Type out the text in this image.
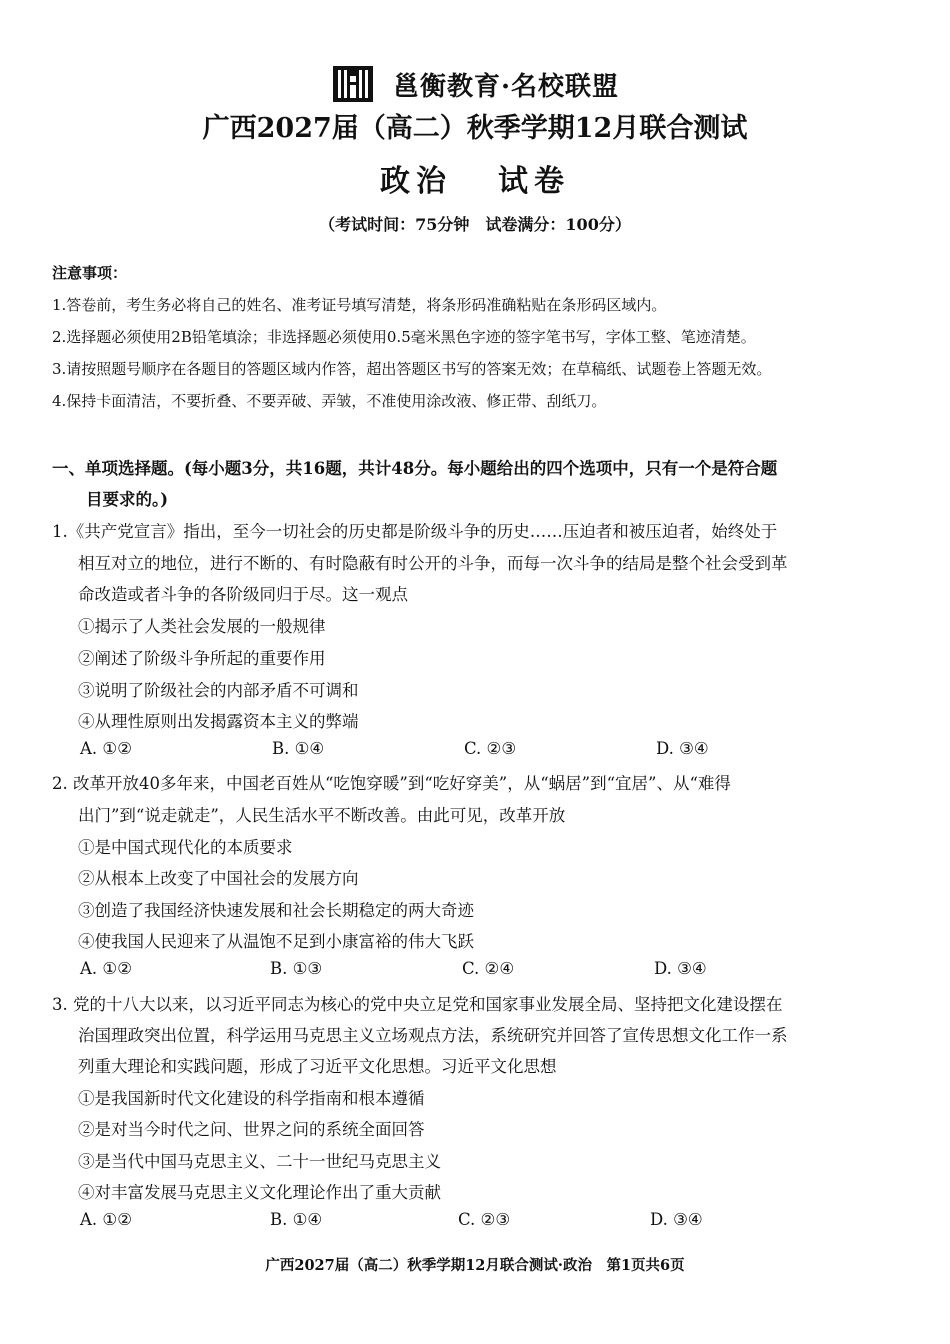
邕衡教育·名校联盟
广西2027届（高二）秋季学期12月联合测试
政治 试卷
（考试时间：75分钟　试卷满分：100分）
注意事项：
1.答卷前，考生务必将自己的姓名、准考证号填写清楚，将条形码准确粘贴在条形码区域内。
2.选择题必须使用2B铅笔填涂；非选择题必须使用0.5毫米黑色字迹的签字笔书写，字体工整、笔迹清楚。
3.请按照题号顺序在各题目的答题区域内作答，超出答题区书写的答案无效；在草稿纸、试题卷上答题无效。
4.保持卡面清洁，不要折叠、不要弄破、弄皱，不准使用涂改液、修正带、刮纸刀。
一、单项选择题。(每小题3分，共16题，共计48分。每小题给出的四个选项中，只有一个是符合题
目要求的。)
1.《共产党宣言》指出，至今一切社会的历史都是阶级斗争的历史……压迫者和被压迫者，始终处于
相互对立的地位，进行不断的、有时隐蔽有时公开的斗争，而每一次斗争的结局是整个社会受到革
命改造或者斗争的各阶级同归于尽。这一观点
①揭示了人类社会发展的一般规律
②阐述了阶级斗争所起的重要作用
③说明了阶级社会的内部矛盾不可调和
④从理性原则出发揭露资本主义的弊端
A. ①②	B. ①④	C. ②③	D. ③④
2. 改革开放40多年来，中国老百姓从“吃饱穿暖”到“吃好穿美”，从“蜗居”到“宜居”、从“难得
出门”到“说走就走”，人民生活水平不断改善。由此可见，改革开放
①是中国式现代化的本质要求
②从根本上改变了中国社会的发展方向
③创造了我国经济快速发展和社会长期稳定的两大奇迹
④使我国人民迎来了从温饱不足到小康富裕的伟大飞跃
A. ①②	B. ①③	C. ②④	D. ③④
3. 党的十八大以来，以习近平同志为核心的党中央立足党和国家事业发展全局、坚持把文化建设摆在
治国理政突出位置，科学运用马克思主义立场观点方法，系统研究并回答了宣传思想文化工作一系
列重大理论和实践问题，形成了习近平文化思想。习近平文化思想
①是我国新时代文化建设的科学指南和根本遵循
②是对当今时代之问、世界之问的系统全面回答
③是当代中国马克思主义、二十一世纪马克思主义
④对丰富发展马克思主义文化理论作出了重大贡献
A. ①②	B. ①④	C. ②③	D. ③④
广西2027届（高二）秋季学期12月联合测试·政治　第1页共6页
